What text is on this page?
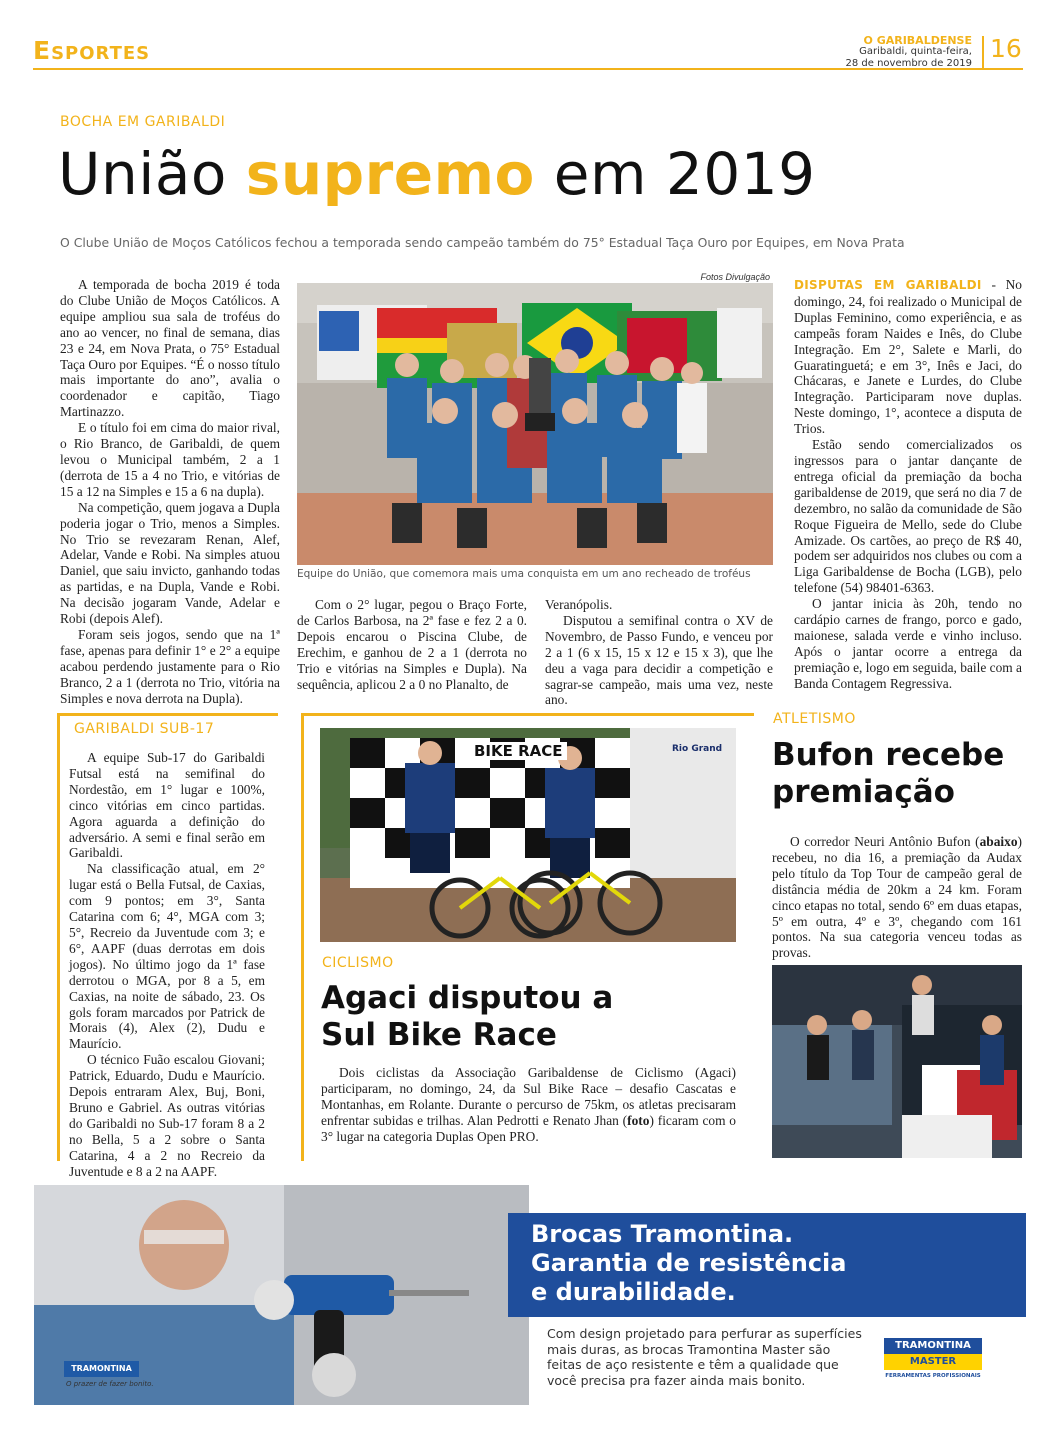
Esportes	O GARIBALDENSE
Garibaldi, quinta-feira,
28 de novembro de 2019
16
BOCHA EM GARIBALDI
União supremo em 2019
O Clube União de Moços Católicos fechou a temporada sendo campeão também do 75° Estadual Taça Ouro por Equipes, em Nova Prata

A temporada de bocha 2019 é toda do Clube União de Moços Católicos. A equipe ampliou sua sala de troféus do ano ao vencer, no final de semana, dias 23 e 24, em Nova Prata, o 75° Estadual Taça Ouro por Equipes. “É o nosso título mais importante do ano”, avalia o coordenador e capitão, Tiago Martinazzo.

E o título foi em cima do maior rival, o Rio Branco, de Garibaldi, de quem levou o Municipal também, 2 a 1 (derrota de 15 a 4 no Trio, e vitórias de 15 a 12 na Simples e 15 a 6 na dupla).

Na competição, quem jogava a Dupla poderia jogar o Trio, menos a Simples. No Trio se revezaram Renan, Alef, Adelar, Vande e Robi. Na simples atuou Daniel, que saiu invicto, ganhando todas as partidas, e na Dupla, Vande e Robi. Na decisão jogaram Vande, Adelar e Robi (depois Alef).

Foram seis jogos, sendo que na 1ª fase, apenas para definir 1° e 2° a equipe acabou perdendo justamente para o Rio Branco, 2 a 1 (derrota no Trio, vitória na Simples e nova derrota na Dupla).

Fotos Divulgação
Equipe do União, que comemora mais uma conquista em um ano recheado de troféus

Com o 2° lugar, pegou o Braço Forte, de Carlos Barbosa, na 2ª fase e fez 2 a 0. Depois encarou o Piscina Clube, de Erechim, e ganhou de 2 a 1 (derrota no Trio e vitórias na Simples e Dupla). Na sequência, aplicou 2 a 0 no Planalto, de

Veranópolis.

Disputou a semifinal contra o XV de Novembro, de Passo Fundo, e venceu por 2 a 1 (6 x 15, 15 x 12 e 15 x 3), que lhe deu a vaga para decidir a competição e sagrar-se campeão, mais uma vez, neste ano.

DISPUTAS EM GARIBALDI - No domingo, 24, foi realizado o Municipal de Duplas Feminino, como experiência, e as campeãs foram Naides e Inês, do Clube Integração. Em 2°, Salete e Marli, do Guaratinguetá; e em 3°, Inês e Jaci, do Chácaras, e Janete e Lurdes, do Clube Integração. Participaram nove duplas. Neste domingo, 1°, acontece a disputa de Trios.

Estão sendo comercializados os ingressos para o jantar dançante de entrega oficial da premiação da bocha garibaldense de 2019, que será no dia 7 de dezembro, no salão da comunidade de São Roque Figueira de Mello, sede do Clube Amizade. Os cartões, ao preço de R$ 40, podem ser adquiridos nos clubes ou com a Liga Garibaldense de Bocha (LGB), pelo telefone (54) 98401-6363.

O jantar inicia às 20h, tendo no cardápio carnes de frango, porco e gado, maionese, salada verde e vinho incluso. Após o jantar ocorre a entrega da premiação e, logo em seguida, baile com a Banda Contagem Regressiva.

GARIBALDI SUB-17

A equipe Sub-17 do Garibaldi Futsal está na semifinal do Nordestão, em 1° lugar e 100%, cinco vitórias em cinco partidas. Agora aguarda a definição do adversário. A semi e final serão em Garibaldi.

Na classificação atual, em 2° lugar está o Bella Futsal, de Caxias, com 9 pontos; em 3°, Santa Catarina com 6; 4°, MGA com 3; 5°, Recreio da Juventude com 3; e 6°, AAPF (duas derrotas em dois jogos). No último jogo da 1ª fase derrotou o MGA, por 8 a 5, em Caxias, na noite de sábado, 23. Os gols foram marcados por Patrick de Morais (4), Alex (2), Dudu e Maurício.

O técnico Fuão escalou Giovani; Patrick, Eduardo, Dudu e Maurício. Depois entraram Alex, Buj, Boni, Bruno e Gabriel. As outras vitórias do Garibaldi no Sub-17 foram 8 a 2 no Bella, 5 a 2 sobre o Santa Catarina, 4 a 2 no Recreio da Juventude e 8 a 2 na AAPF.

BIKE RACE	Rio Grand
CICLISMO
Agaci disputou a
Sul Bike Race

Dois ciclistas da Associação Garibaldense de Ciclismo (Agaci) participaram, no domingo, 24, da Sul Bike Race – desafio Cascatas e Montanhas, em Rolante. Durante o percurso de 75km, os atletas precisaram enfrentar subidas e trilhas. Alan Pedrotti e Renato Jhan (foto) ficaram com o 3° lugar na categoria Duplas Open PRO.

ATLETISMO
Bufon recebe
premiação

O corredor Neuri Antônio Bufon (abaixo) recebeu, no dia 16, a premiação da Audax pelo título da Top Tour de campeão geral de distância média de 20km a 24 km. Foram cinco etapas no total, sendo 6º em duas etapas, 5º em outra, 4º e 3º, chegando com 161 pontos. Na sua categoria venceu todas as provas.

TRAMONTINA
O prazer de fazer bonito.
Brocas Tramontina.
Garantia de resistência
e durabilidade.
Com design projetado para perfurar as superfícies mais duras, as brocas Tramontina Master são feitas de aço resistente e têm a qualidade que você precisa pra fazer ainda mais bonito.
TRAMONTINA
MASTER
FERRAMENTAS PROFISSIONAIS
